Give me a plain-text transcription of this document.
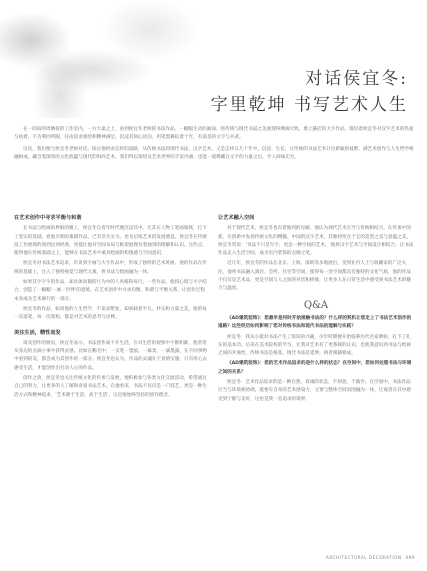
对话侯宜冬:
字里乾坤 书写艺术人生

在一阴雨的周晒夜的工作室内，一方大桌之上，看到侯宜冬老师的书法作品，一幅幅生动的画面、将传统与现代书道之美展现得淋漓尽致。墙上悬挂的大字作品、都显着侯宜冬对汉字艺术的热爱与执着，不为利同所限，任由追求感悟和精神满足，沉浸其间心淡泊，用笔墨耕耘着十年，有道是的文字与兵武。

这次，我们便与侯宜冬老师对话，探讨他经由怎样的道路，从传统书法到现代书法、汉字艺术，又是怎样在几十年中，沉淀、生长，让传统的书法艺术开出新颖的枝繁，满艺术创作与人生哲学相融相成。藏含着深厚的文化底蕴与现代的时尚艺术，我们得以领悟及艺术世界的丰富内涵、也能一窥傅藏在文字的力量之后，令人回味无穷。

在艺术创作中寻求平衡与和谐

在书法与绘画的界限的模上，侯宜冬自青年时代便沉浸其中。尤其在人物工笔画领域，打下了坚实的基础，看他早期的素描作品，已有非凡实力。也为后续艺术的发展奠基。侯宜冬在传统技工作展现的效到达到经典，更提让他对空间布局与框架展现有着独到的理解和认识。这些点，使得他在传统基础之上，能够在书法艺术中兼具绘画的构图感与空间意识，

侯宜冬对书法艺术追求，有说到字画与大字作品中，形成了独特的艺术风格、他的作品在传统的基础上，注入了独特视觉与现代元素，将书法与绘画融为一体。

如果其字字字的作品，却具体而微的行为中的人风格和每行，一些作品，他将心境与大字结合，创造了一幅幅'一画一世界'的意境，在艺术创作中寻求均衡、和谐与平衡关系，让创作过程本身成为艺术修行的一部分。

侯宜冬的作品，如同他的人生哲学，不追求繁复，却承载着平凡、朴实和力量之美，他的每一次落笔，每一次架构，都是对艺术的思考与诠释。

美注生活，精性而发

谈及创作的源泉，侯宜冬表示，书法创作离不开生活，在对生活的观察中不断积累，他常常从身边的点滴小事中获得灵感。比如在鹅毛中，一支笔一墨痕。一幕景，一滴墨露，在不同事物中看到的美，都会成为其创作的一部分。侯宜冬也认为，作品的灵魂在于真情实感，只有用心去感受生活，才能创作出打动人心的作品。

创作之余，侯宜冬也关注传统文化的传承与发展，他积极参与各类文化交流活动，希望通过自己的努力，让更多的人了解和喜爱书法艺术，在他看来，书法不仅仅是一门技艺，更是一种生活方式和精神追求，'艺术源于生活，高于生活'，这是他始终坚持的创作理念。

让艺术融入空间

对于现代艺术，侯宜冬也有着独到的见解，他认为现代艺术应当与传统相结合，在传承中创新，在创新中发扬传统文化的精髓。中国的汉字艺术，其独特性在于它的造型之美与意蕴之美，侯宜冬常说：'书法不只是写字，更是一种空间的艺术。'他将汉字艺术与空间设计相结合，让书法作品走入生活空间，成为室内装饰的点睛之笔。

近几年，侯宜冬的作品在北京、上海、深圳等多地展出，受到业内人士与收藏家的广泛关注。他将书法融入酒店、会所、住宅等空间，使得每一处空间都具有独特的文化气质，他的作品不仅仅是艺术品，更是空间与人之间的对话和桥梁，让更多人在日常生活中感受到书法艺术的魅力与温度。

Q&A

《AD建筑装饰》：您最早是何时开始接触书法的？什么样的契机让您走上了书法艺术创作的道路？这些经历如何影响了您对传统书法和现代书法的理解与实践？

侯宜冬：我从小就对书法产生了浓厚的兴趣，少年时期便开始临摹历代名家碑帖，打下了扎实的基本功。后来在美术院校的学习，让我对艺术有了更系统的认识，也使我意识到书法与绘画之间的共通性。传统书法是根基，现代书法是延伸，两者相辅相成。

《AD建筑装饰》：您的艺术作品追求的是什么样的状态？在空间中，您如何处理书法与环境之间的关系？

侯宜冬：艺术作品追求的是一种自然、真诚的状态，不刻意、不做作。在空间中，书法作品应当与环境相协调，既要有自身的艺术感染力，又要与整体空间氛围融为一体，让观者在其中感受到宁静与美好，这也是我一直追求的境界。

ARCHITECTURAL DECORATION 099
